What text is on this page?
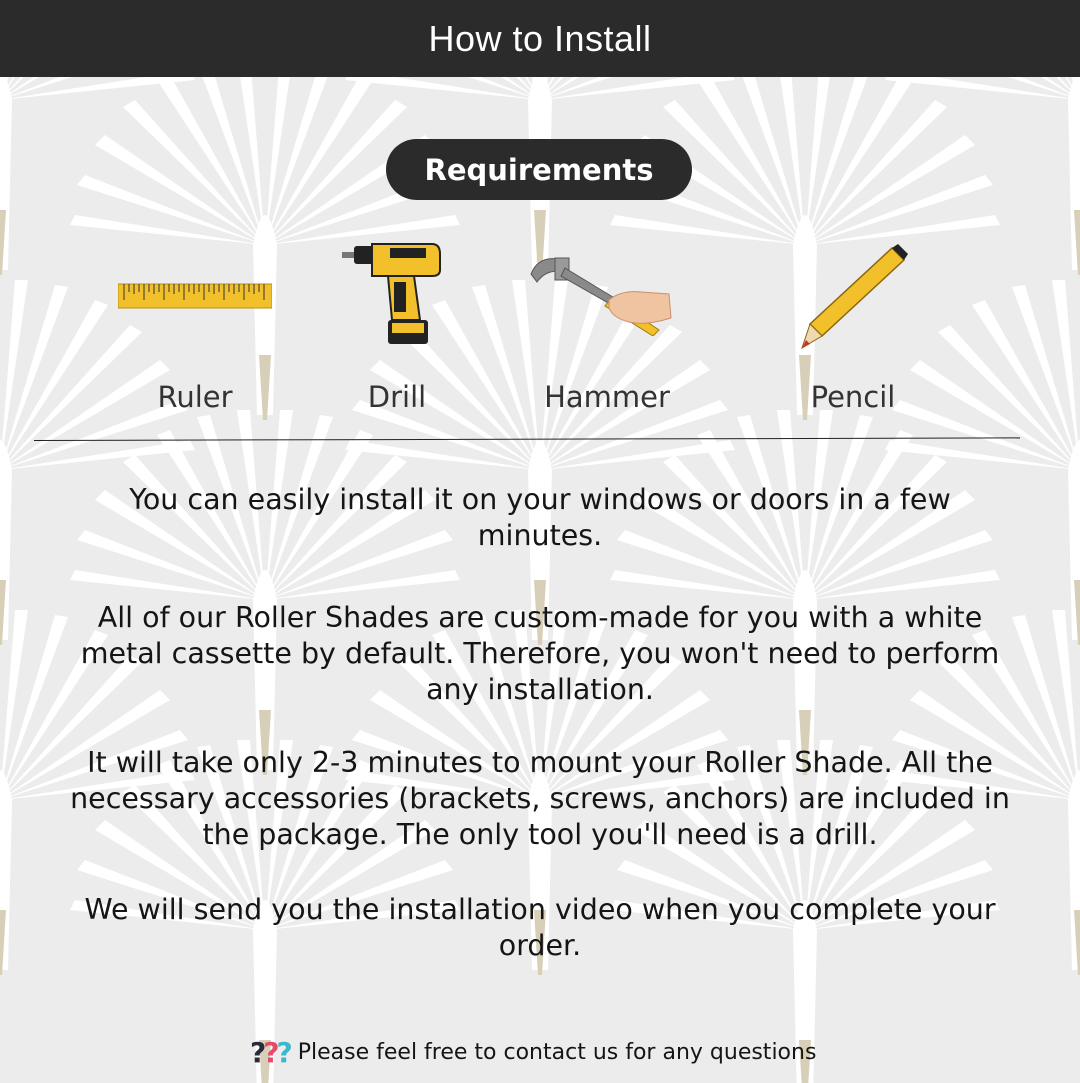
How to Install
Requirements
Ruler	Drill	Hammer	Pencil
You can easily install it on your windows or doors in a few minutes.
All of our Roller Shades are custom-made for you with a white metal cassette by default. Therefore, you won't need to perform any installation.
It will take only 2-3 minutes to mount your Roller Shade. All the necessary accessories (brackets, screws, anchors) are included in the package. The only tool you'll need is a drill.
We will send you the installation video when you complete your order.
??? Please feel free to contact us for any questions
